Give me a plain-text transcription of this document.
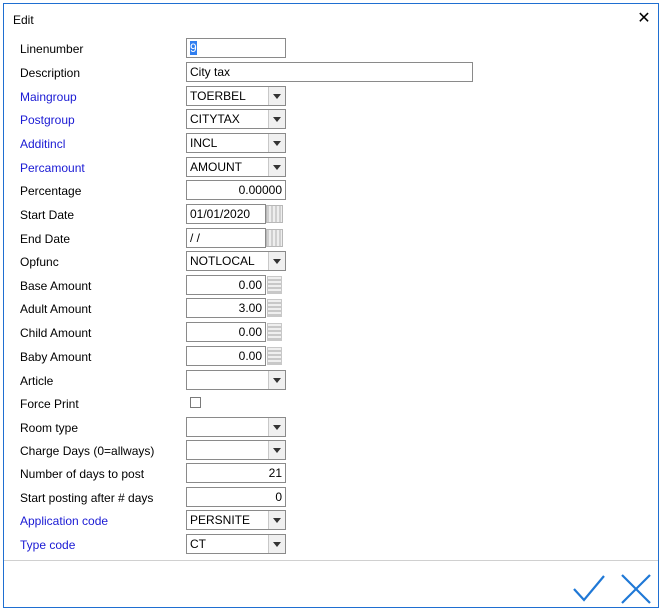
Edit	✕
Linenumber	9
Description	City tax
Maingroup	TOERBEL
Postgroup	CITYTAX
Additincl	INCL
Percamount	AMOUNT
Percentage	0.00000
Start Date	01/01/2020
End Date	/ /
Opfunc	NOTLOCAL
Base Amount	0.00
Adult Amount	3.00
Child Amount	0.00
Baby Amount	0.00
Article
Force Print
Room type
Charge Days (0=allways)
Number of days to post	21
Start posting after # days	0
Application code	PERSNITE
Type code	CT
